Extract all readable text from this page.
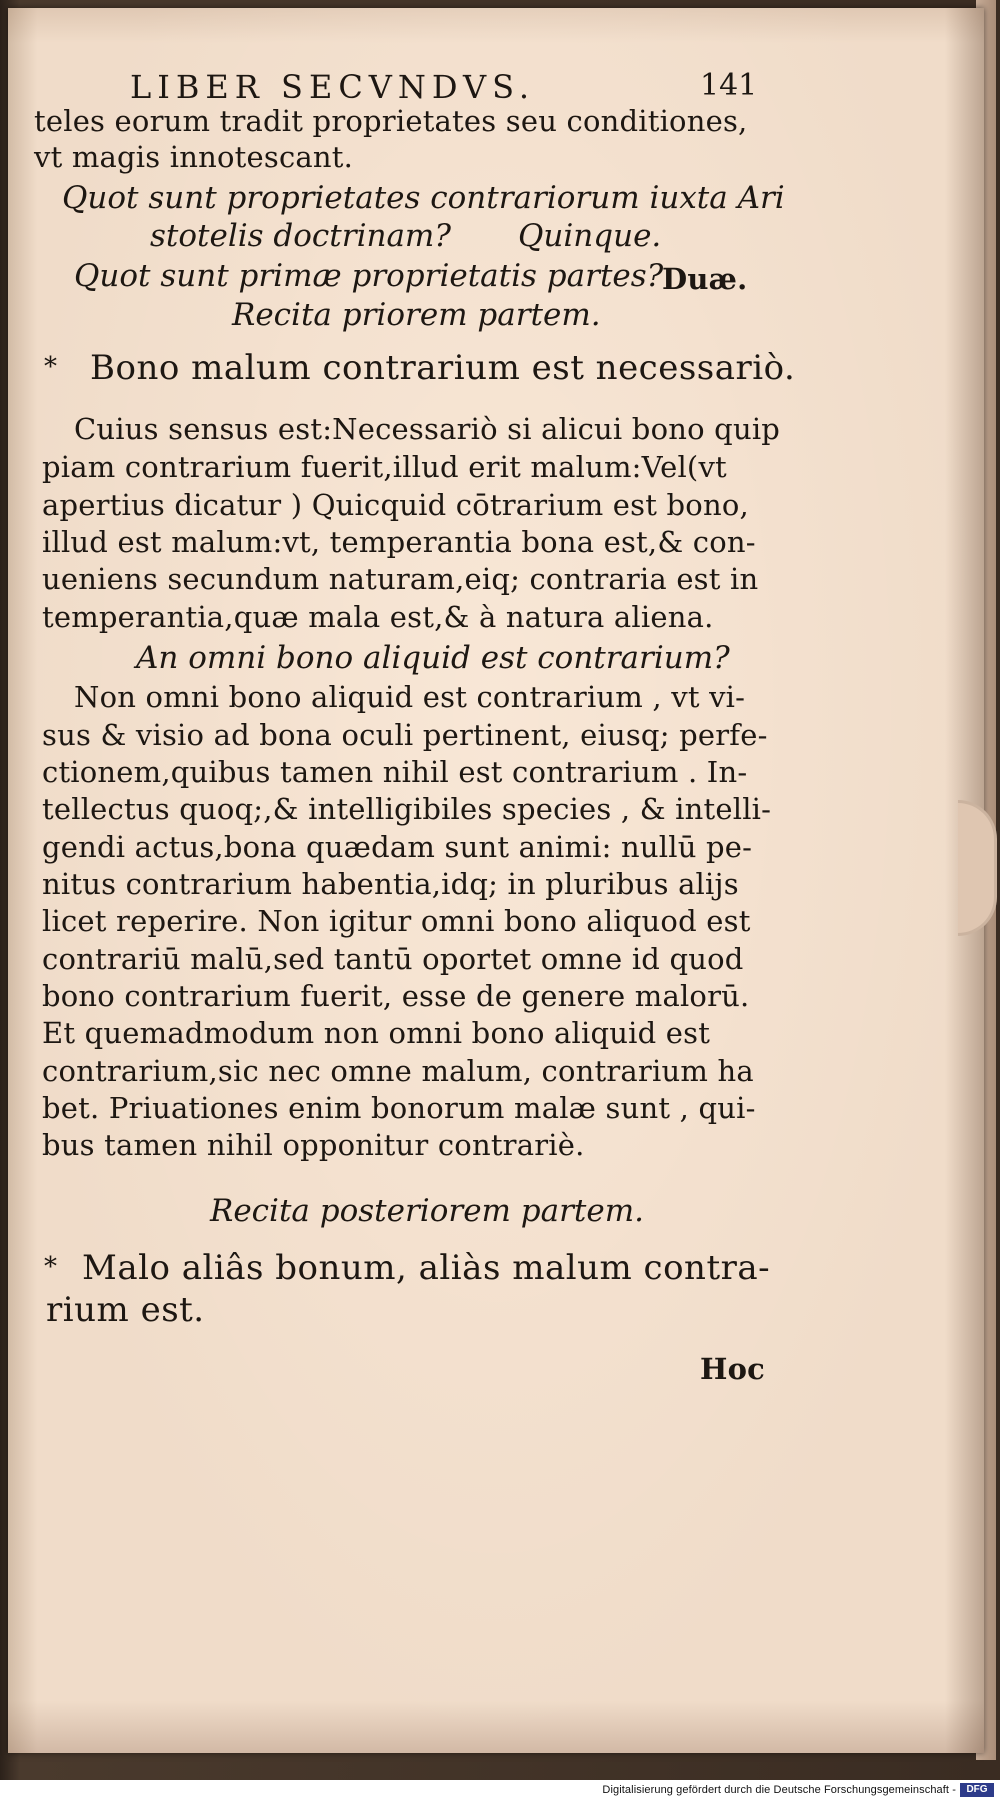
LIBER SECVNDVS.	141
teles eorum tradit proprietates seu conditiones,
vt magis innotescant.
Quot sunt proprietates contrariorum iuxta Ari
stotelis doctrinam? Quinque.
Quot sunt primæ proprietatis partes?
Duæ.
Recita priorem partem.
* Bono malum contrarium est necessariò.
Cuius sensus est:Necessariò si alicui bono quip
piam contrarium fuerit,illud erit malum:Vel(vt
apertius dicatur ) Quicquid cōtrarium est bono,
illud est malum:vt, temperantia bona est,& con-
ueniens secundum naturam,eiq; contraria est in
temperantia,quæ mala est,& à natura aliena.
An omni bono aliquid est contrarium?
Non omni bono aliquid est contrarium , vt vi-
sus & visio ad bona oculi pertinent, eiusq; perfe-
ctionem,quibus tamen nihil est contrarium . In-
tellectus quoq;,& intelligibiles species , & intelli-
gendi actus,bona quædam sunt animi: nullū pe-
nitus contrarium habentia,idq; in pluribus alijs
licet reperire. Non igitur omni bono aliquod est
contrariū malū,sed tantū oportet omne id quod
bono contrarium fuerit, esse de genere malorū.
Et quemadmodum non omni bono aliquid est
contrarium,sic nec omne malum, contrarium ha
bet. Priuationes enim bonorum malæ sunt , qui-
bus tamen nihil opponitur contrariè.
Recita posteriorem partem.
* Malo aliâs bonum, aliàs malum contra-
rium est.
Hoc
Digitalisierung gefördert durch die Deutsche Forschungsgemeinschaft -	DFG
